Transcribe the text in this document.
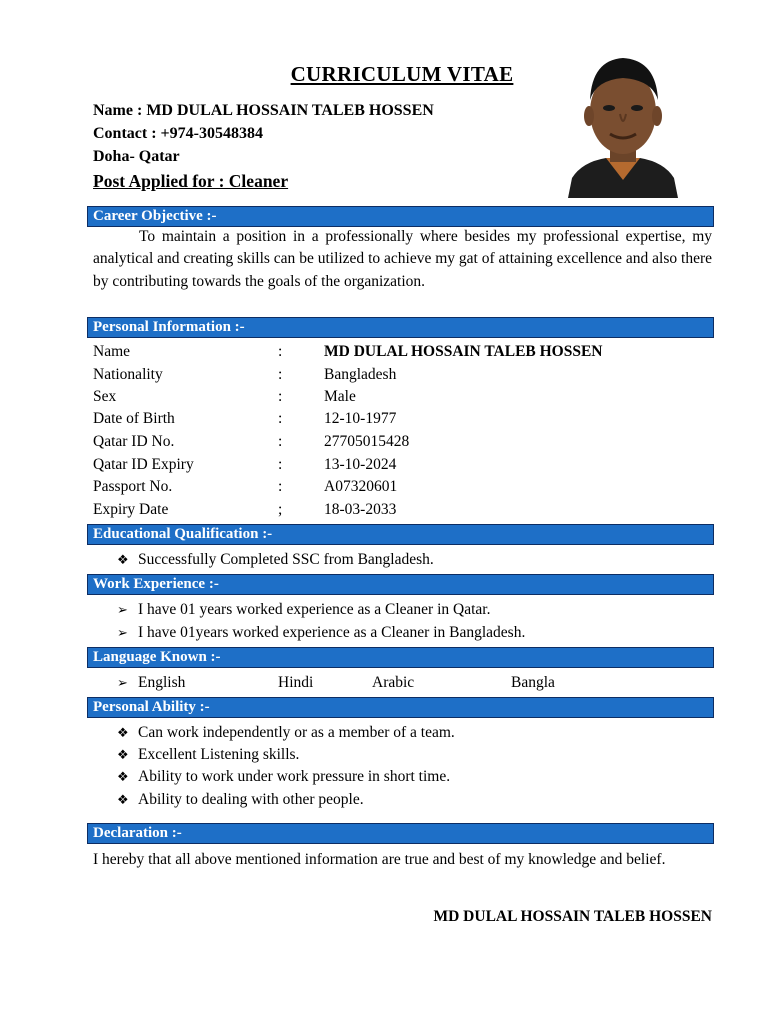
CURRICULUM VITAE
Name : MD DULAL HOSSAIN TALEB HOSSEN
Contact : +974-30548384
Doha- Qatar
Post Applied for : Cleaner
Career Objective :-
To maintain a position in a professionally where besides my professional expertise, my analytical and creating skills can be utilized to achieve my gat of attaining excellence and also there by contributing towards the goals of the organization.
Personal Information :-
Name	:	MD DULAL HOSSAIN TALEB HOSSEN
Nationality	:	Bangladesh
Sex	:	Male
Date of Birth	:	12-10-1977
Qatar ID No.	:	27705015428
Qatar ID Expiry	:	13-10-2024
Passport No.	:	A07320601
Expiry Date	;	18-03-2033
Educational Qualification :-
❖ Successfully Completed SSC from Bangladesh.
Work Experience :-
➢ I have 01 years worked experience as a Cleaner in Qatar.
➢ I have 01years worked experience as a Cleaner in Bangladesh.
Language Known :-
➢ English	Hindi	Arabic	Bangla
Personal Ability :-
❖ Can work independently or as a member of a team.
❖ Excellent Listening skills.
❖ Ability to work under work pressure in short time.
❖ Ability to dealing with other people.
Declaration :-
I hereby that all above mentioned information are true and best of my knowledge and belief.
MD DULAL HOSSAIN TALEB HOSSEN
